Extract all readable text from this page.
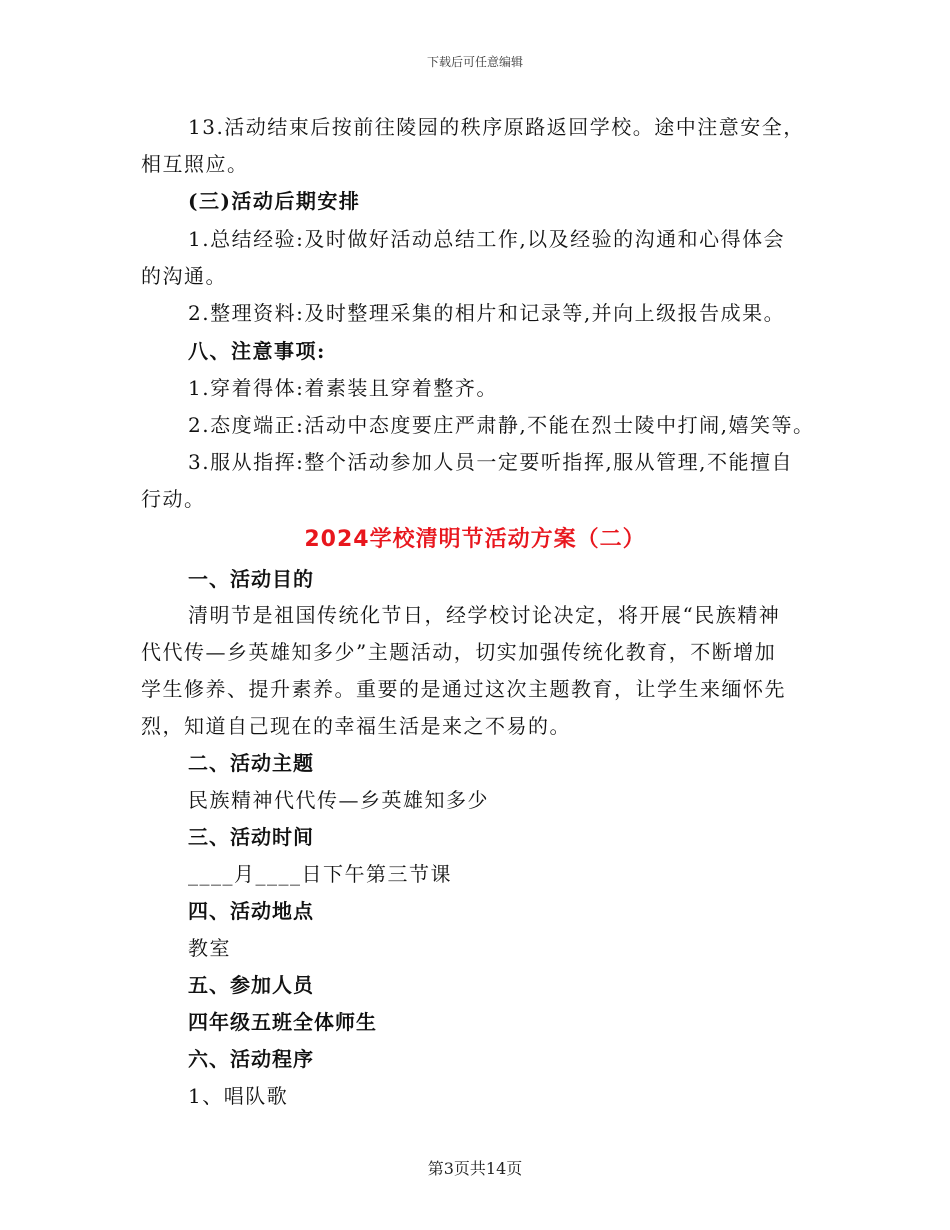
下载后可任意编辑
13.活动结束后按前往陵园的秩序原路返回学校。途中注意安全，
相互照应。
(三)活动后期安排
1.总结经验:及时做好活动总结工作,以及经验的沟通和心得体会
的沟通。
2.整理资料:及时整理采集的相片和记录等,并向上级报告成果。
八、注意事项:
1.穿着得体:着素装且穿着整齐。
2.态度端正:活动中态度要庄严肃静,不能在烈士陵中打闹,嬉笑等。
3.服从指挥:整个活动参加人员一定要听指挥,服从管理,不能擅自
行动。
2024学校清明节活动方案（二）
一、活动目的
清明节是祖国传统化节日，经学校讨论决定，将开展“民族精神
代代传—乡英雄知多少”主题活动，切实加强传统化教育，不断增加
学生修养、提升素养。重要的是通过这次主题教育，让学生来缅怀先
烈，知道自己现在的幸福生活是来之不易的。
二、活动主题
民族精神代代传—乡英雄知多少
三、活动时间
____月____日下午第三节课
四、活动地点
教室
五、参加人员
四年级五班全体师生
六、活动程序
1、唱队歌
第3页共14页
